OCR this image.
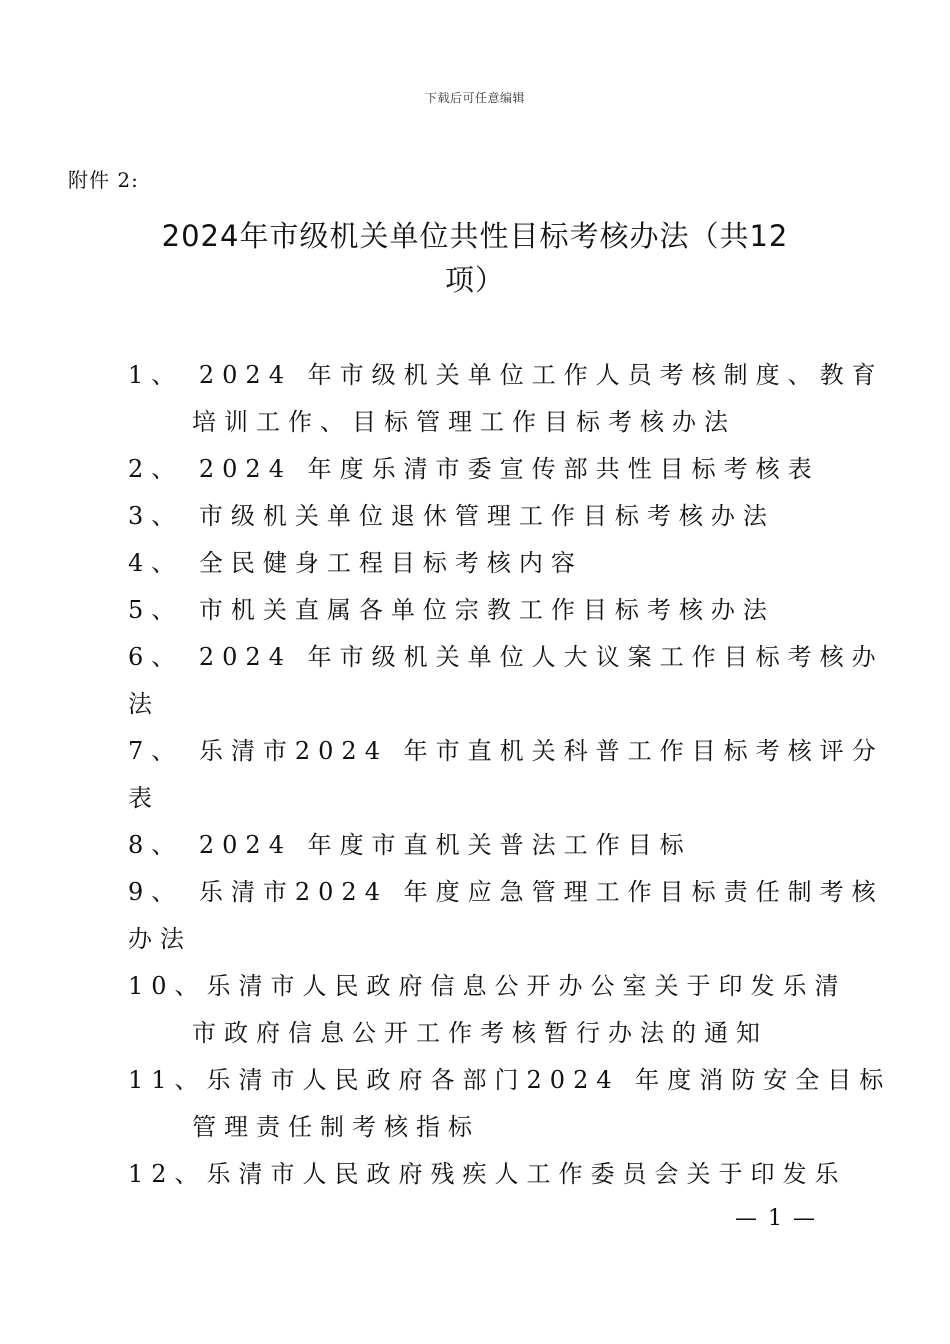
下载后可任意编辑
附件 2:
2024年市级机关单位共性目标考核办法（共12
项）
1、 2024 年市级机关单位工作人员考核制度、教育
培训工作、目标管理工作目标考核办法
2、 2024 年度乐清市委宣传部共性目标考核表
3、 市级机关单位退休管理工作目标考核办法
4、 全民健身工程目标考核内容
5、 市机关直属各单位宗教工作目标考核办法
6、 2024 年市级机关单位人大议案工作目标考核办
法
7、 乐清市2024 年市直机关科普工作目标考核评分
表
8、 2024 年度市直机关普法工作目标
9、 乐清市2024 年度应急管理工作目标责任制考核
办法
10、乐清市人民政府信息公开办公室关于印发乐清
市政府信息公开工作考核暂行办法的通知
11、乐清市人民政府各部门2024 年度消防安全目标
管理责任制考核指标
12、乐清市人民政府残疾人工作委员会关于印发乐
— 1 —
